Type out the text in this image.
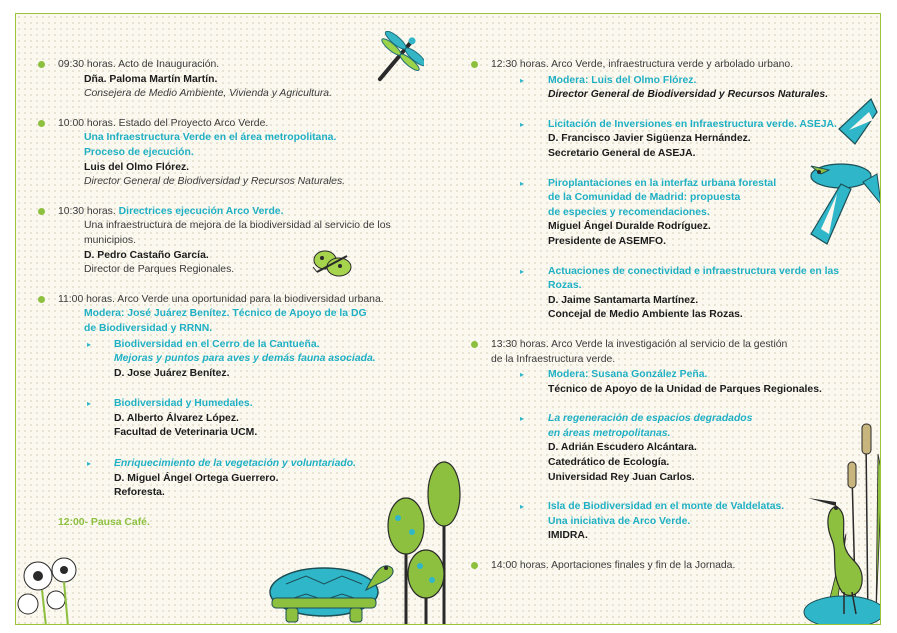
09:30 horas. Acto de Inauguración.
Dña. Paloma Martín Martín.
Consejera de Medio Ambiente, Vivienda y Agricultura.
10:00 horas. Estado del Proyecto Arco Verde.
Una Infraestructura Verde en el área metropolitana.
Proceso de ejecución.
Luis del Olmo Flórez.
Director General de Biodiversidad y Recursos Naturales.
10:30 horas. Directrices ejecución Arco Verde.
Una infraestructura de mejora de la biodiversidad al servicio de los
municipios.
D. Pedro Castaño García.
Director de Parques Regionales.
11:00 horas. Arco Verde una oportunidad para la biodiversidad urbana.
Modera: José Juárez Benítez. Técnico de Apoyo de la DG
de Biodiversidad y RRNN.
▸ Biodiversidad en el Cerro de la Cantueña.
Mejoras y puntos para aves y demás fauna asociada.
D. Jose Juárez Benítez.
▸ Biodiversidad y Humedales.
D. Alberto Álvarez López.
Facultad de Veterinaria UCM.
▸ Enriquecimiento de la vegetación y voluntariado.
D. Miguel Ángel Ortega Guerrero.
Reforesta.
12:00- Pausa Café.
12:30 horas. Arco Verde, infraestructura verde y arbolado urbano.
▸ Modera: Luis del Olmo Flórez.
Director General de Biodiversidad y Recursos Naturales.
▸ Licitación de Inversiones en Infraestructura verde. ASEJA.
D. Francisco Javier Sigüenza Hernández.
Secretario General de ASEJA.
▸ Piroplantaciones en la interfaz urbana forestal
de la Comunidad de Madrid: propuesta
de especies y recomendaciones.
Miguel Ángel Duralde Rodríguez.
Presidente de ASEMFO.
▸ Actuaciones de conectividad e infraestructura verde en las
Rozas.
D. Jaime Santamarta Martínez.
Concejal de Medio Ambiente las Rozas.
13:30 horas. Arco Verde la investigación al servicio de la gestión
de la Infraestructura verde.
▸ Modera: Susana González Peña.
Técnico de Apoyo de la Unidad de Parques Regionales.
▸ La regeneración de espacios degradados
en áreas metropolitanas.
D. Adrián Escudero Alcántara.
Catedrático de Ecología.
Universidad Rey Juan Carlos.
▸ Isla de Biodiversidad en el monte de Valdelatas.
Una iniciativa de Arco Verde.
IMIDRA.
14:00 horas. Aportaciones finales y fin de la Jornada.
